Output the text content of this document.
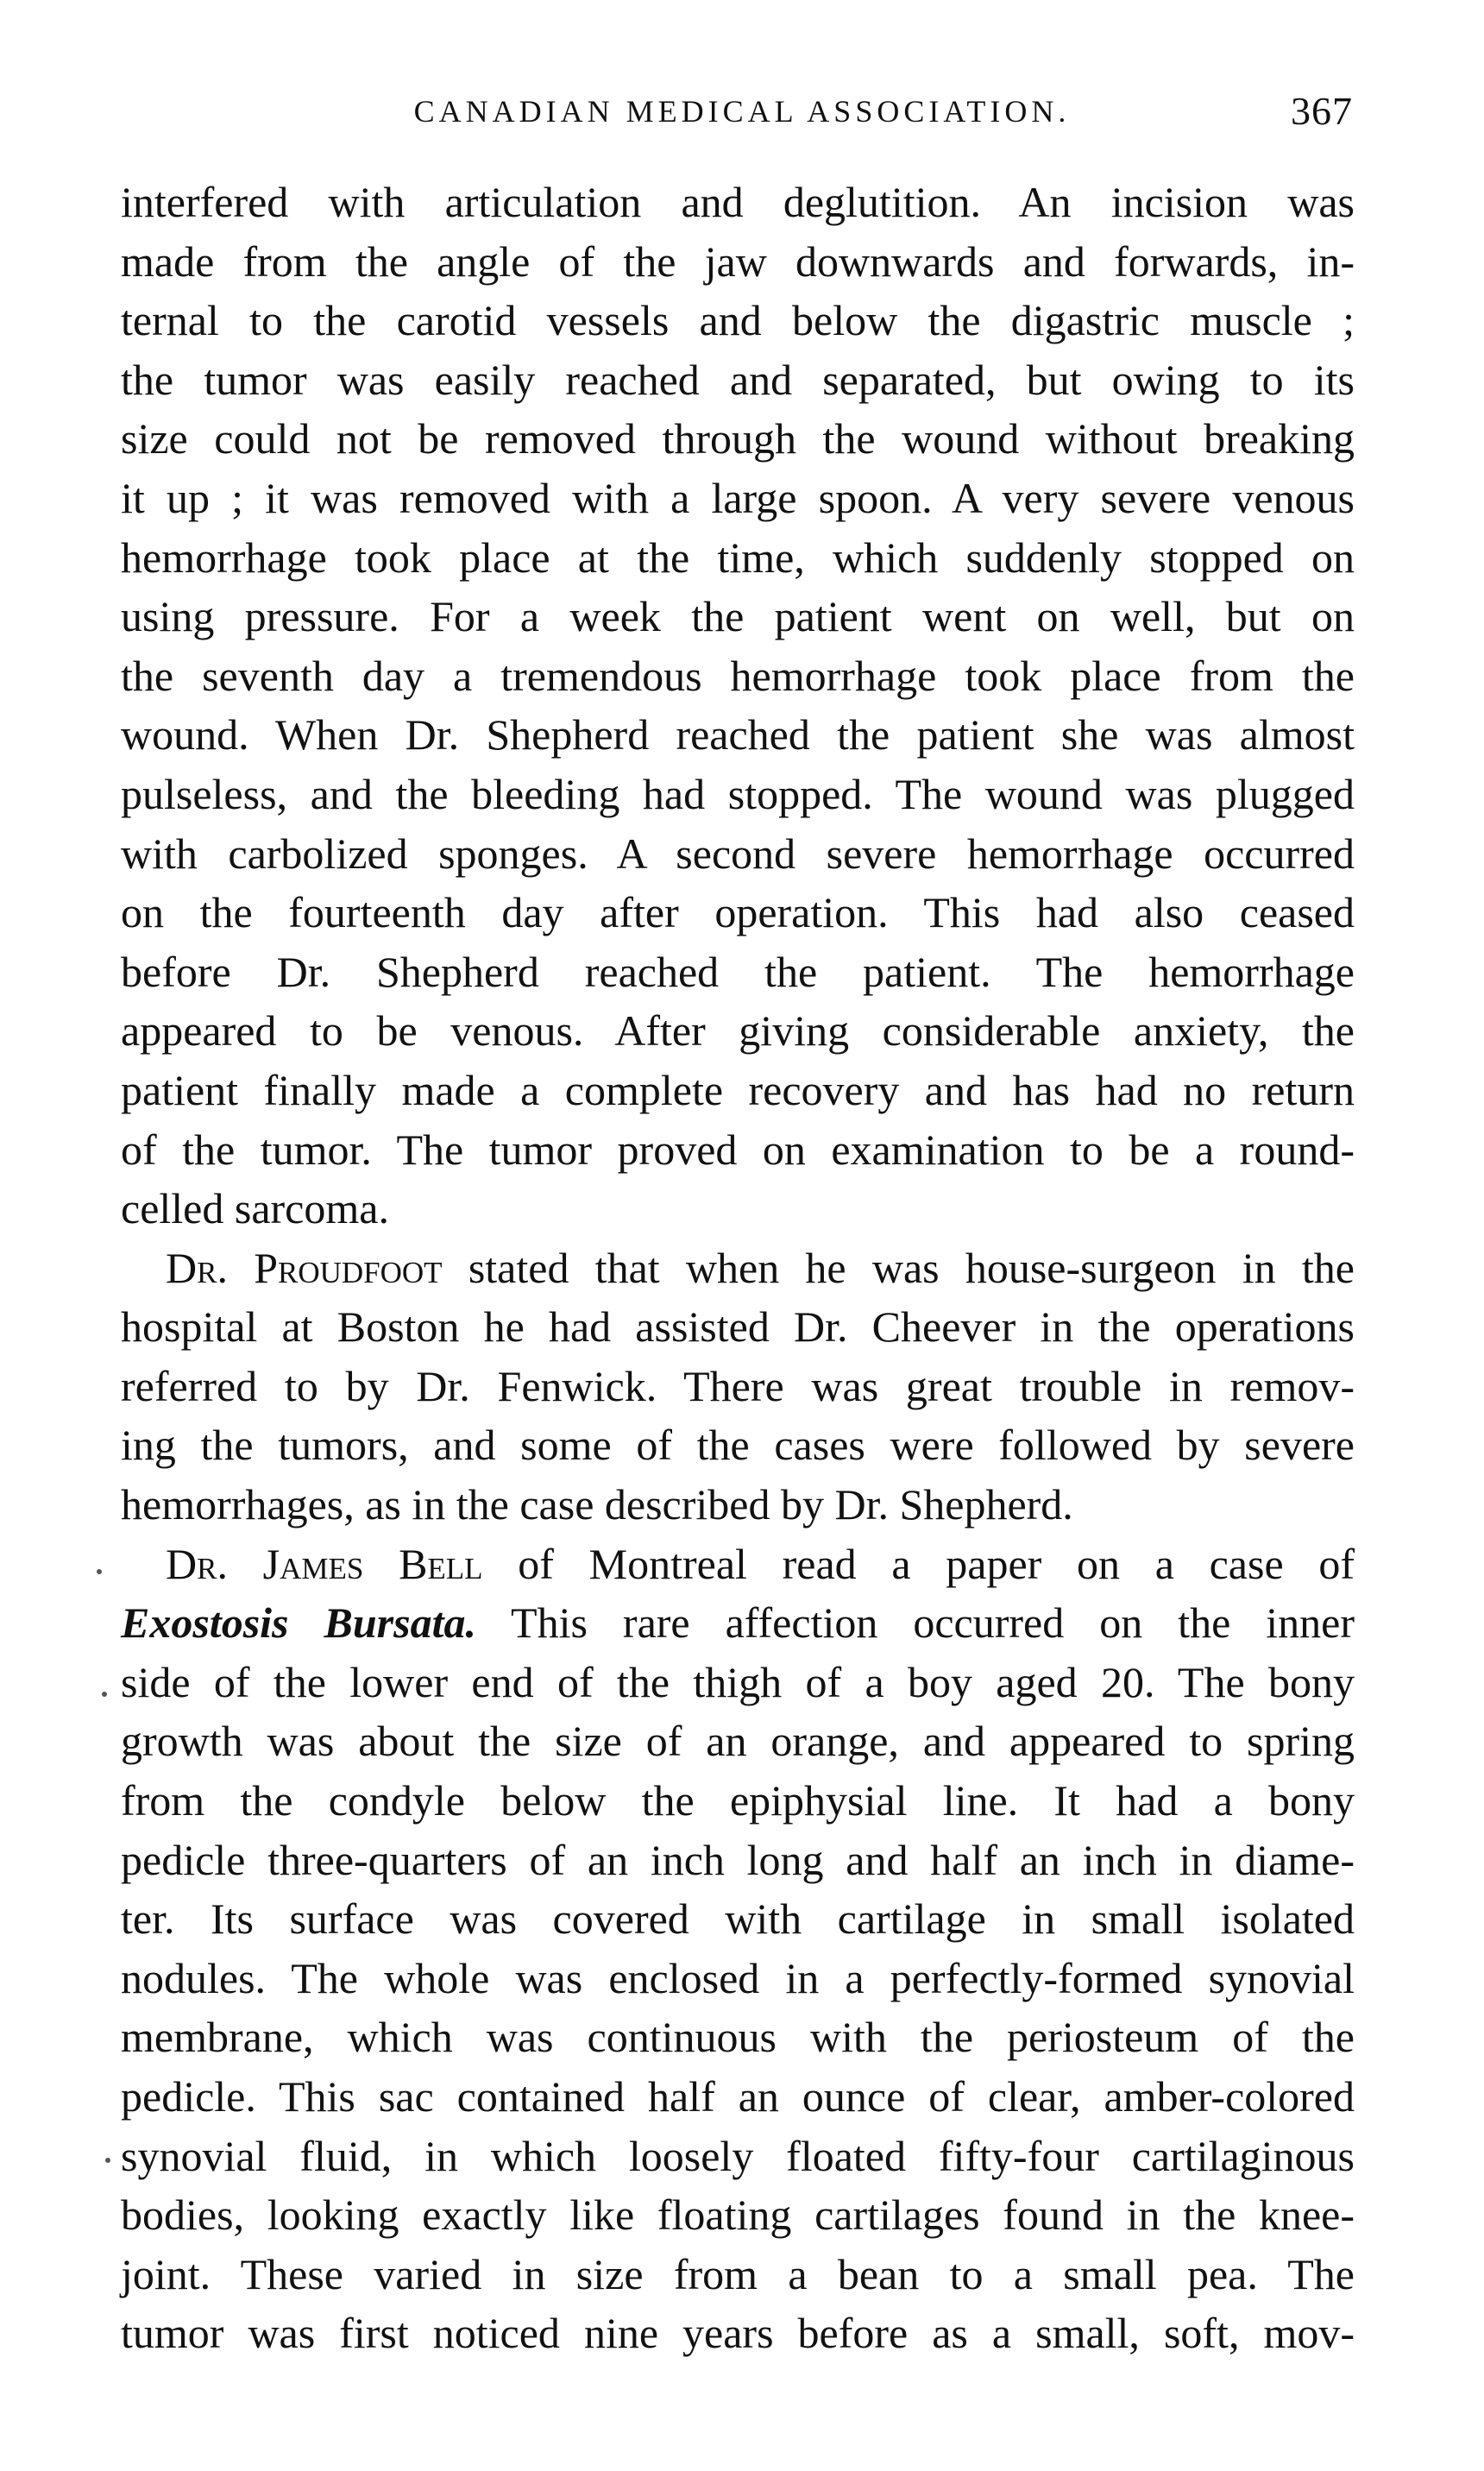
CANADIAN MEDICAL ASSOCIATION.	367
interfered with articulation and deglutition. An incision was
made from the angle of the jaw downwards and forwards, in-
ternal to the carotid vessels and below the digastric muscle ;
the tumor was easily reached and separated, but owing to its
size could not be removed through the wound without breaking
it up ; it was removed with a large spoon. A very severe venous
hemorrhage took place at the time, which suddenly stopped on
using pressure. For a week the patient went on well, but on
the seventh day a tremendous hemorrhage took place from the
wound. When Dr. Shepherd reached the patient she was almost
pulseless, and the bleeding had stopped. The wound was plugged
with carbolized sponges. A second severe hemorrhage occurred
on the fourteenth day after operation. This had also ceased
before Dr. Shepherd reached the patient. The hemorrhage
appeared to be venous. After giving considerable anxiety, the
patient finally made a complete recovery and has had no return
of the tumor. The tumor proved on examination to be a round-
celled sarcoma.
Dr. Proudfoot stated that when he was house-surgeon in the
hospital at Boston he had assisted Dr. Cheever in the operations
referred to by Dr. Fenwick. There was great trouble in remov-
ing the tumors, and some of the cases were followed by severe
hemorrhages, as in the case described by Dr. Shepherd.
Dr. James Bell of Montreal read a paper on a case of
Exostosis Bursata. This rare affection occurred on the inner
side of the lower end of the thigh of a boy aged 20. The bony
growth was about the size of an orange, and appeared to spring
from the condyle below the epiphysial line. It had a bony
pedicle three-quarters of an inch long and half an inch in diame-
ter. Its surface was covered with cartilage in small isolated
nodules. The whole was enclosed in a perfectly-formed synovial
membrane, which was continuous with the periosteum of the
pedicle. This sac contained half an ounce of clear, amber-colored
synovial fluid, in which loosely floated fifty-four cartilaginous
bodies, looking exactly like floating cartilages found in the knee-
joint. These varied in size from a bean to a small pea. The
tumor was first noticed nine years before as a small, soft, mov-
